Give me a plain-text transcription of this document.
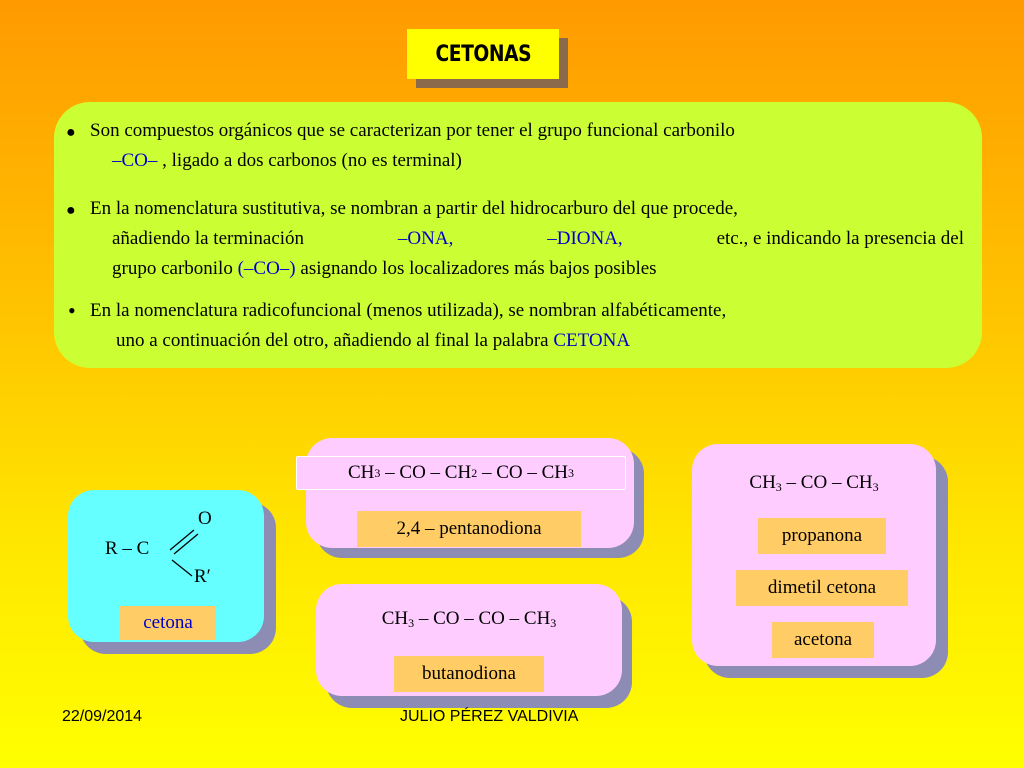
CETONAS
● Son compuestos orgánicos que se caracterizan por tener el grupo funcional carbonilo
–CO– , ligado a dos carbonos (no es terminal)
● En la nomenclatura sustitutiva, se nombran a partir del hidrocarburo del que procede,
añadiendo la terminación	–ONA,	–DIONA,	etc., e indicando la presencia del
grupo carbonilo (–CO–) asignando los localizadores más bajos posibles
• En la nomenclatura radicofuncional (menos utilizada), se nombran alfabéticamente,
uno a continuación del otro, añadiendo al final la palabra CETONA
R – C
O
R′
cetona
CH 3 – CO – CH 2 – CO – CH 3
2,4 – pentanodiona
$CH_3$ – CO – CO – $CH_3$
butanodiona
$CH_3$ – CO – $CH_3$
propanona
dimetil cetona
acetona
22/09/2014	JULIO PÉREZ VALDIVIA
